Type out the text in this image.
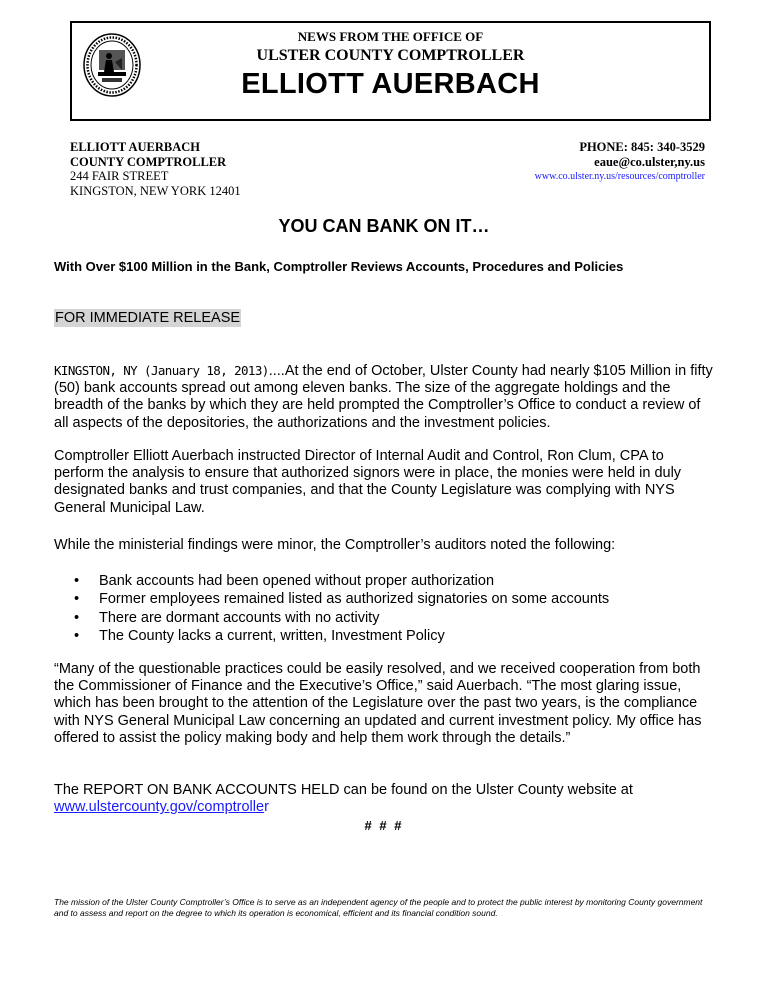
NEWS FROM THE OFFICE OF
ULSTER COUNTY COMPTROLLER
ELLIOTT AUERBACH
ELLIOTT AUERBACH
COUNTY COMPTROLLER
244 FAIR STREET
KINGSTON, NEW YORK 12401
PHONE: 845: 340-3529
eaue@co.ulster,ny.us
www.co.ulster.ny.us/resources/comptroller
YOU CAN BANK ON IT…
With Over $100 Million in the Bank, Comptroller Reviews Accounts, Procedures and Policies
FOR IMMEDIATE RELEASE

KINGSTON, NY (January 18, 2013)....At the end of October, Ulster County had nearly $105 Million in fifty (50) bank accounts spread out among eleven banks. The size of the aggregate holdings and the breadth of the banks by which they are held prompted the Comptroller’s Office to conduct a review of all aspects of the depositories, the authorizations and the investment policies.

Comptroller Elliott Auerbach instructed Director of Internal Audit and Control, Ron Clum, CPA to perform the analysis to ensure that authorized signors were in place, the monies were held in duly designated banks and trust companies, and that the County Legislature was complying with NYS General Municipal Law.

While the ministerial findings were minor, the Comptroller’s auditors noted the following:

• Bank accounts had been opened without proper authorization
• Former employees remained listed as authorized signatories on some accounts
• There are dormant accounts with no activity
• The County lacks a current, written, Investment Policy

“Many of the questionable practices could be easily resolved, and we received cooperation from both the Commissioner of Finance and the Executive’s Office,” said Auerbach. “The most glaring issue, which has been brought to the attention of the Legislature over the past two years, is the compliance with NYS General Municipal Law concerning an updated and current investment policy. My office has offered to assist the policy making body and help them work through the details.”

The REPORT ON BANK ACCOUNTS HELD can be found on the Ulster County website at
www.ulstercounty.gov/comptroller

# # #

The mission of the Ulster County Comptroller’s Office is to serve as an independent agency of the people and to protect the public interest by monitoring County government and to assess and report on the degree to which its operation is economical, efficient and its financial condition sound.
